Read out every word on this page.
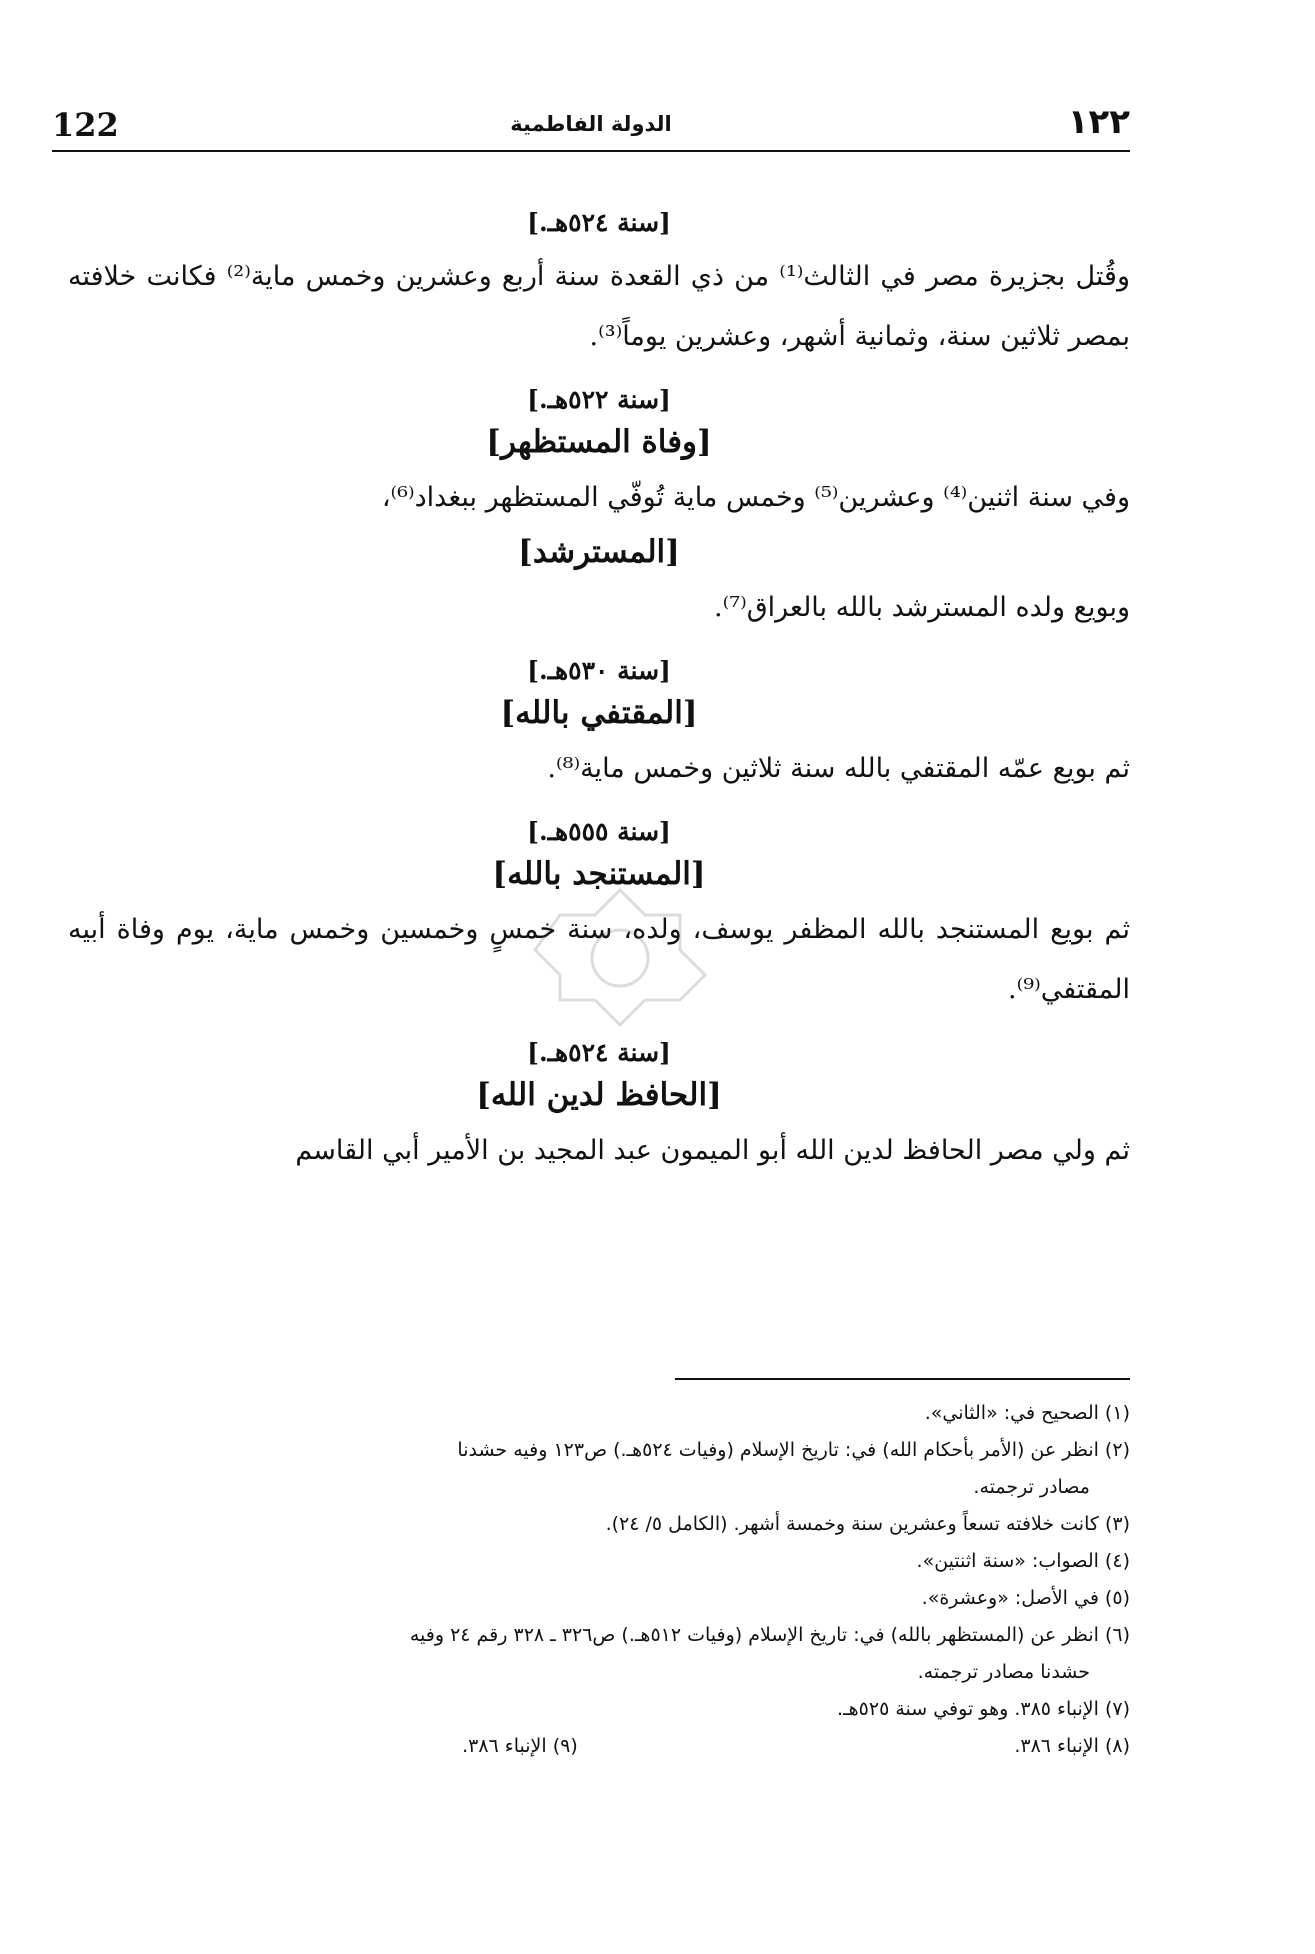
122	الدولة الفاطمية	١٢٢

[سنة ٥٢٤هـ.]

وقُتل بجزيرة مصر في الثالث⁽¹⁾ من ذي القعدة سنة أربع وعشرين وخمس ماية⁽²⁾ فكانت خلافته بمصر ثلاثين سنة، وثمانية أشهر، وعشرين يوماً⁽³⁾.

[سنة ٥٢٢هـ.]

[وفاة المستظهر]

وفي سنة اثنين⁽⁴⁾ وعشرين⁽⁵⁾ وخمس ماية تُوفّي المستظهر ببغداد⁽⁶⁾،

[المسترشد]

وبويع ولده المسترشد بالله بالعراق⁽⁷⁾.

[سنة ٥٣٠هـ.]

[المقتفي بالله]

ثم بويع عمّه المقتفي بالله سنة ثلاثين وخمس ماية⁽⁸⁾.

[سنة ٥٥٥هـ.]

[المستنجد بالله]

ثم بويع المستنجد بالله المظفر يوسف، ولده، سنة خمسٍ وخمسين وخمس ماية، يوم وفاة أبيه المقتفي⁽⁹⁾.

[سنة ٥٢٤هـ.]

[الحافظ لدين الله]

ثم ولي مصر الحافظ لدين الله أبو الميمون عبد المجيد بن الأمير أبي القاسم

(١) الصحيح في: «الثاني».

(٢) انظر عن (الأمر بأحكام الله) في: تاريخ الإسلام (وفيات ٥٢٤هـ.) ص١٢٣ وفيه حشدنا
مصادر ترجمته.

(٣) كانت خلافته تسعاً وعشرين سنة وخمسة أشهر. (الكامل ٥/ ٢٤).

(٤) الصواب: «سنة اثنتين».

(٥) في الأصل: «وعشرة».

(٦) انظر عن (المستظهر بالله) في: تاريخ الإسلام (وفيات ٥١٢هـ.) ص٣٢٦ ـ ٣٢٨ رقم ٢٤ وفيه
حشدنا مصادر ترجمته.

(٧) الإنباء ٣٨٥. وهو توفي سنة ٥٢٥هـ.

(٨) الإنباء ٣٨٦.

(٩) الإنباء ٣٨٦.
